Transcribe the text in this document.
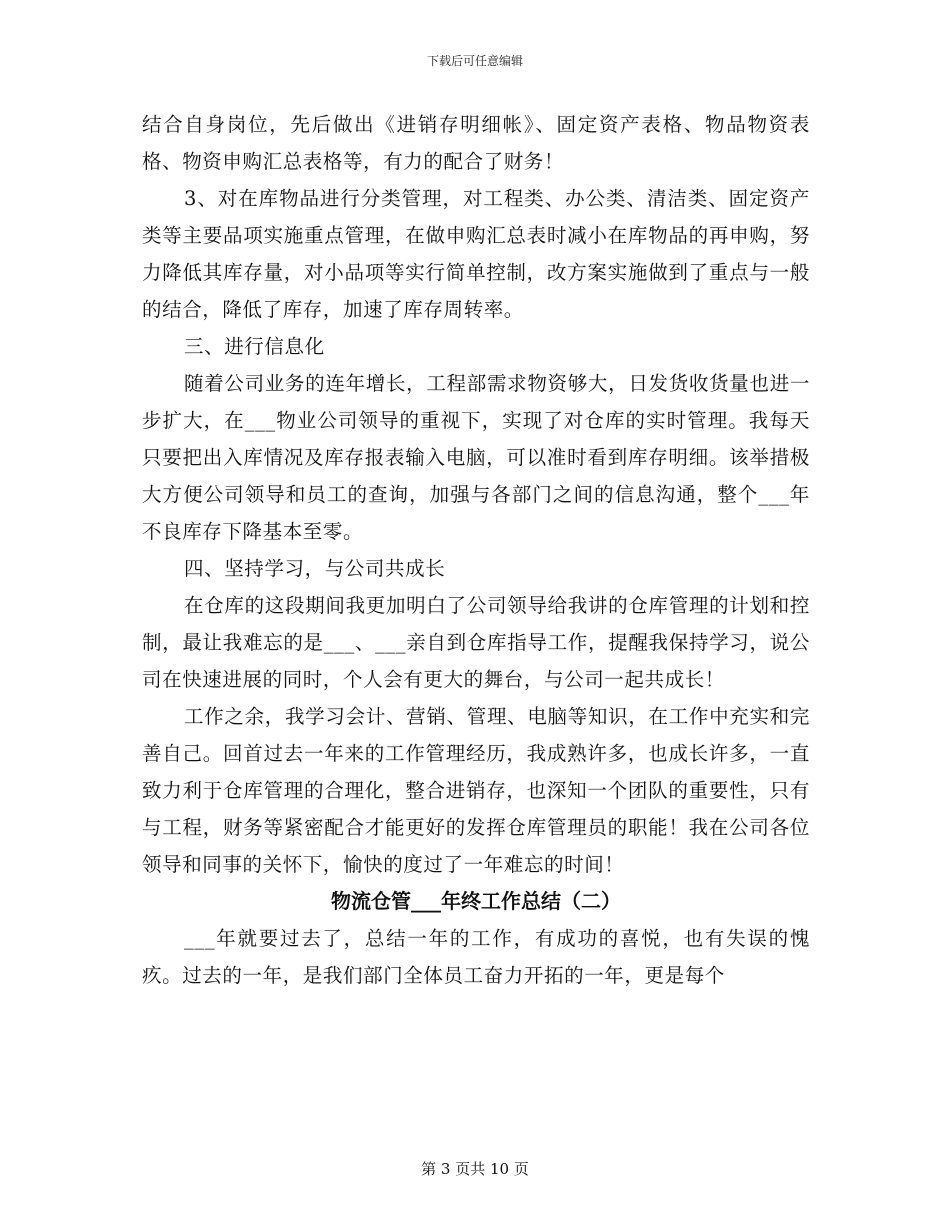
下载后可任意编辑

结合自身岗位，先后做出《进销存明细帐》、固定资产表格、物品物资表格、物资申购汇总表格等，有力的配合了财务！

3、对在库物品进行分类管理，对工程类、办公类、清洁类、固定资产类等主要品项实施重点管理，在做申购汇总表时减小在库物品的再申购，努力降低其库存量，对小品项等实行简单控制，改方案实施做到了重点与一般的结合，降低了库存，加速了库存周转率。

三、进行信息化

随着公司业务的连年增长，工程部需求物资够大，日发货收货量也进一步扩大，在___物业公司领导的重视下，实现了对仓库的实时管理。我每天只要把出入库情况及库存报表输入电脑，可以准时看到库存明细。该举措极大方便公司领导和员工的查询，加强与各部门之间的信息沟通，整个___年不良库存下降基本至零。

四、坚持学习，与公司共成长

在仓库的这段期间我更加明白了公司领导给我讲的仓库管理的计划和控制，最让我难忘的是___、___亲自到仓库指导工作，提醒我保持学习，说公司在快速进展的同时，个人会有更大的舞台，与公司一起共成长！

工作之余，我学习会计、营销、管理、电脑等知识，在工作中充实和完善自己。回首过去一年来的工作管理经历，我成熟许多，也成长许多，一直致力利于仓库管理的合理化，整合进销存，也深知一个团队的重要性，只有与工程，财务等紧密配合才能更好的发挥仓库管理员的职能！我在公司各位领导和同事的关怀下，愉快的度过了一年难忘的时间！

物流仓管___年终工作总结（二）

___年就要过去了，总结一年的工作，有成功的喜悦，也有失误的愧疚。过去的一年，是我们部门全体员工奋力开拓的一年，更是每个

第 3 页共 10 页
